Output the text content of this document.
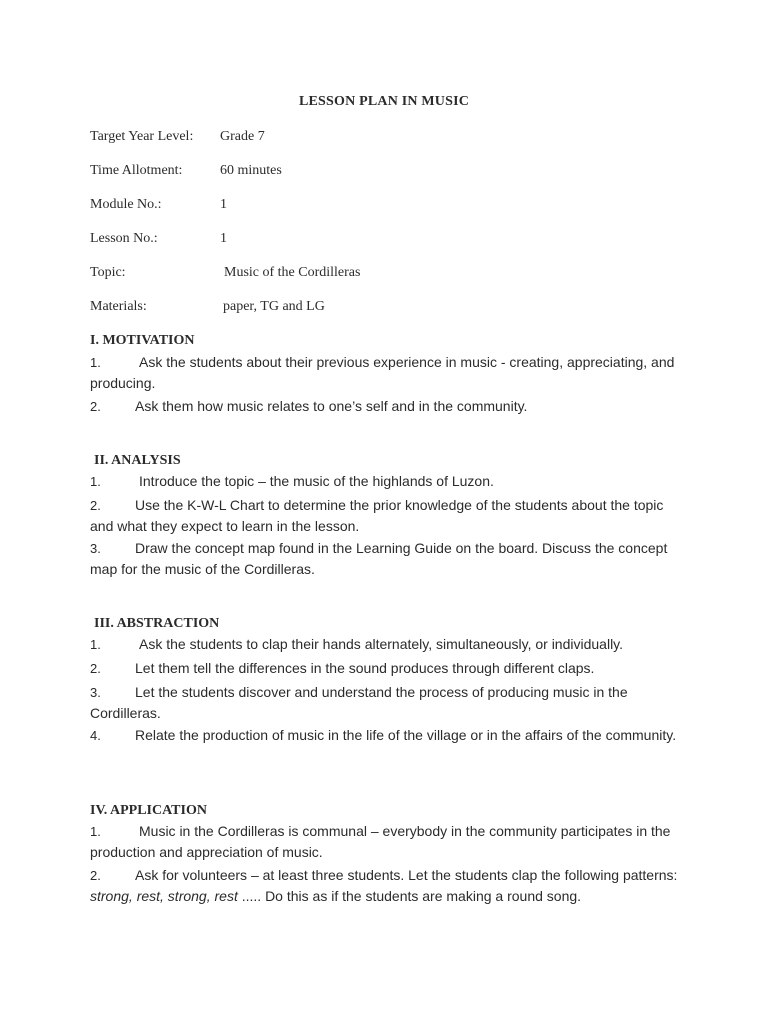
LESSON PLAN IN MUSIC
Target Year Level: Grade 7
Time Allotment:	60 minutes
Module No.:	1
Lesson No.:	1
Topic:	Music of the Cordilleras
Materials:	paper, TG and LG
I. MOTIVATION

1.	Ask the students about their previous experience in music - creating, appreciating, and producing.

2. Ask them how music relates to one’s self and in the community.

II. ANALYSIS

1.	Introduce the topic – the music of the highlands of Luzon.

2. Use the K-W-L Chart to determine the prior knowledge of the students about the topic and what they expect to learn in the lesson.

3. Draw the concept map found in the Learning Guide on the board. Discuss the concept map for the music of the Cordilleras.

III. ABSTRACTION

1.	Ask the students to clap their hands alternately, simultaneously, or individually.

2. Let them tell the differences in the sound produces through different claps.

3. Let the students discover and understand the process of producing music in the Cordilleras.

4. Relate the production of music in the life of the village or in the affairs of the community.

IV. APPLICATION

1.	Music in the Cordilleras is communal – everybody in the community participates in the production and appreciation of music.

2. Ask for volunteers – at least three students. Let the students clap the following patterns: strong, rest, strong, rest ..... Do this as if the students are making a round song.
